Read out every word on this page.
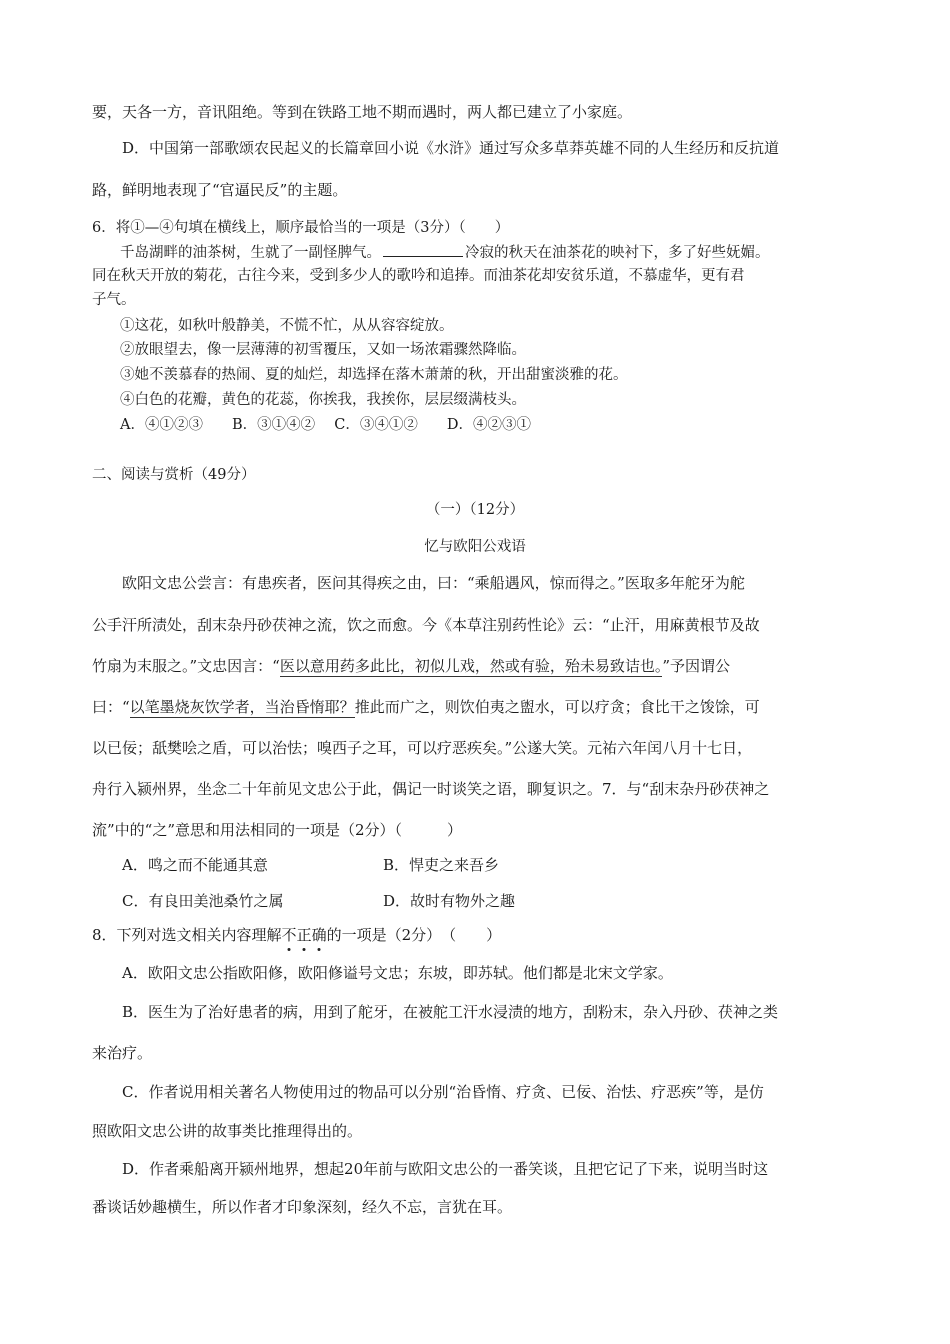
要，天各一方，音讯阻绝。等到在铁路工地不期而遇时，两人都已建立了小家庭。
D．中国第一部歌颂农民起义的长篇章回小说《水浒》通过写众多草莽英雄不同的人生经历和反抗道
路，鲜明地表现了“官逼民反”的主题。
6．将①—④句填在横线上，顺序最恰当的一项是（3分）（　　）
千岛湖畔的油茶树，生就了一副怪脾气。	冷寂的秋天在油茶花的映衬下，多了好些妩媚。
同在秋天开放的菊花，古往今来，受到多少人的歌吟和追捧。而油茶花却安贫乐道，不慕虚华，更有君
子气。
①这花，如秋叶般静美，不慌不忙，从从容容绽放。
②放眼望去，像一层薄薄的初雪覆压，又如一场浓霜骤然降临。
③她不羡慕春的热闹、夏的灿烂，却选择在落木萧萧的秋，开出甜蜜淡雅的花。
④白色的花瓣，黄色的花蕊，你挨我，我挨你，层层缀满枝头。
A．④①②③　　B．③①④②　 C．③④①②　　D．④②③①
二、阅读与赏析（49分）
（一）（12分）
忆与欧阳公戏语
欧阳文忠公尝言：有患疾者，医问其得疾之由，曰：“乘船遇风，惊而得之。”医取多年舵牙为舵
公手汗所渍处，刮末杂丹砂茯神之流，饮之而愈。今《本草注别药性论》云：“止汗，用麻黄根节及故
竹扇为末服之。”文忠因言：“医以意用药多此比，初似儿戏，然或有验，殆未易致诘也。”予因谓公
曰：“以笔墨烧灰饮学者，当治昏惰耶？推此而广之，则饮伯夷之盥水，可以疗贪；食比干之馂馀，可
以已佞；舐樊哙之盾，可以治怯；嗅西子之耳，可以疗恶疾矣。”公遂大笑。元祐六年闰八月十七日，
舟行入颍州界，坐念二十年前见文忠公于此，偶记一时谈笑之语，聊复识之。7．与“刮末杂丹砂茯神之
流”中的“之”意思和用法相同的一项是（2分）（　　　）
A．鸣之而不能通其意	B．悍吏之来吾乡
C．有良田美池桑竹之属	D．故时有物外之趣
8．下列对选文相关内容理解不
正
确
的一项是（2分）　（　　）
A．欧阳文忠公指欧阳修，欧阳修谥号文忠；东坡，即苏轼。他们都是北宋文学家。
B．医生为了治好患者的病，用到了舵牙，在被舵工汗水浸渍的地方，刮粉末，杂入丹砂、茯神之类
来治疗。
C．作者说用相关著名人物使用过的物品可以分别“治昏惰、疗贪、已佞、治怯、疗恶疾”等，是仿
照欧阳文忠公讲的故事类比推理得出的。
D．作者乘船离开颍州地界，想起20年前与欧阳文忠公的一番笑谈，且把它记了下来，说明当时这
番谈话妙趣横生，所以作者才印象深刻，经久不忘，言犹在耳。
